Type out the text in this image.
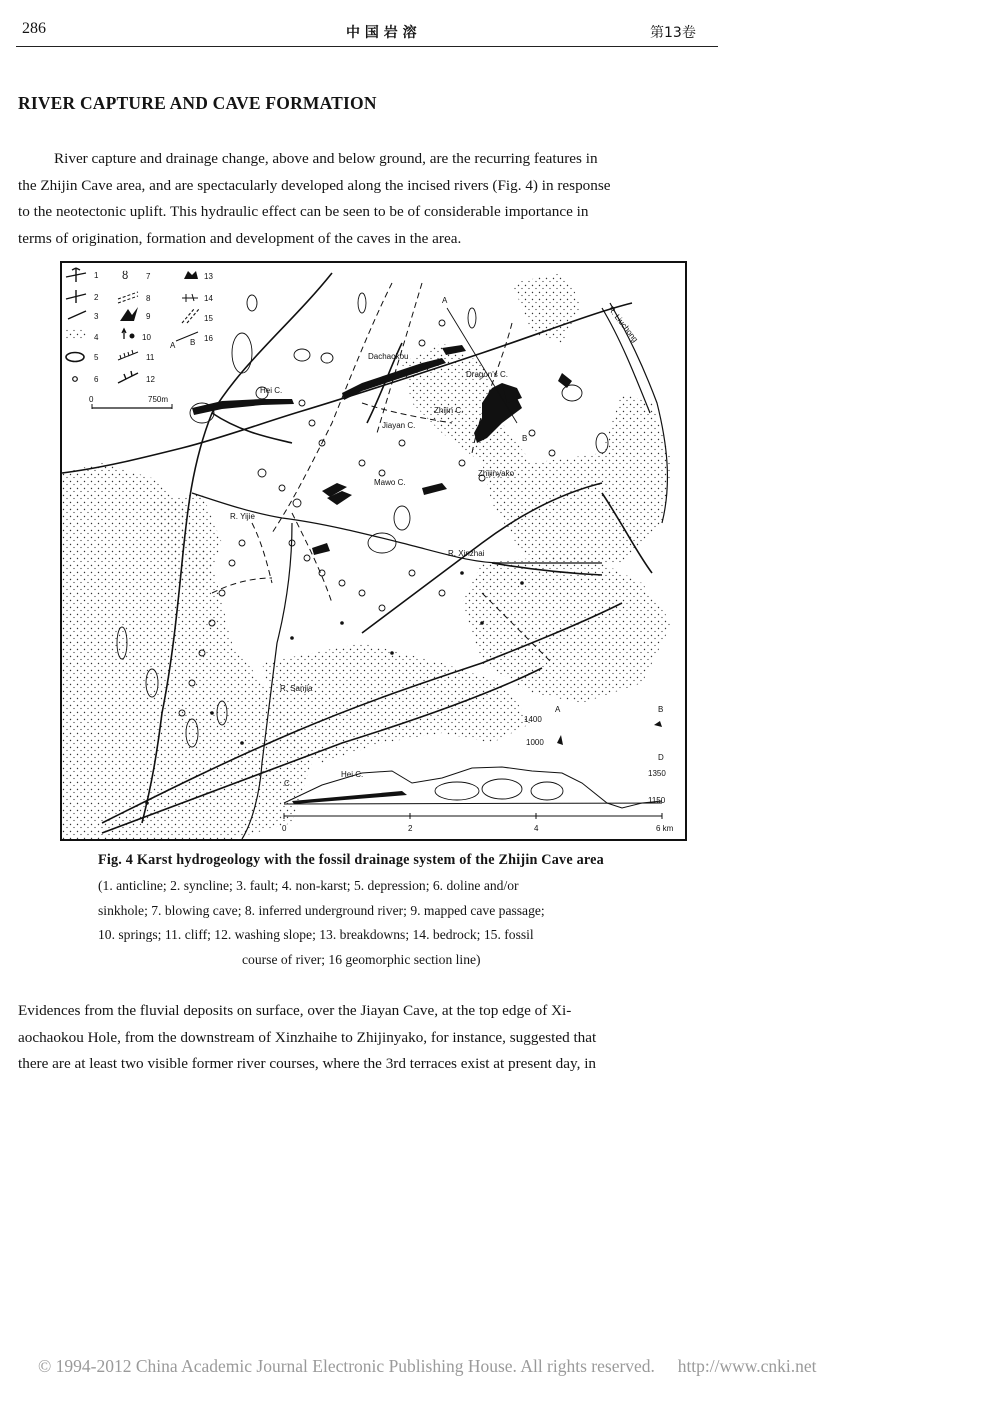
286	中 国 岩 溶	第13卷
RIVER CAPTURE AND CAVE FORMATION

River capture and drainage change, above and below ground, are the recurring features in

the Zhijin Cave area, and are spectacularly developed along the incised rivers (Fig. 4) in response

to the neotectonic uplift. This hydraulic effect can be seen to be of considerable importance in

terms of origination, formation and development of the caves in the area.

1
2
3
4
5
6
ȣ 7
8
9
10
11
12
13
14
15
A B 16
0	750m
A
B
Dachaokou
Dragon's C.
Hei C.
Zhijin C.
Jiayan C.
Mawo C.
Zhijinyako
R. Yijie
R. Xinzhai
R. Sanjia
R. Liuchong
A	B
1400
1000
D
1350
1150
C
Hei C.
0	2	4	6 km
Fig. 4 Karst hydrogeology with the fossil drainage system of the Zhijin Cave area
(1. anticline; 2. syncline; 3. fault; 4. non-karst; 5. depression; 6. doline and/or
sinkhole; 7. blowing cave; 8. inferred underground river; 9. mapped cave passage;
10. springs; 11. cliff; 12. washing slope; 13. breakdowns; 14. bedrock; 15. fossil
course of river; 16 geomorphic section line)

Evidences from the fluvial deposits on surface, over the Jiayan Cave, at the top edge of Xi-

aochaokou Hole, from the downstream of Xinzhaihe to Zhijinyako, for instance, suggested that

there are at least two visible former river courses, where the 3rd terraces exist at present day, in

© 1994-2012 China Academic Journal Electronic Publishing House. All rights reserved. http://www.cnki.net
